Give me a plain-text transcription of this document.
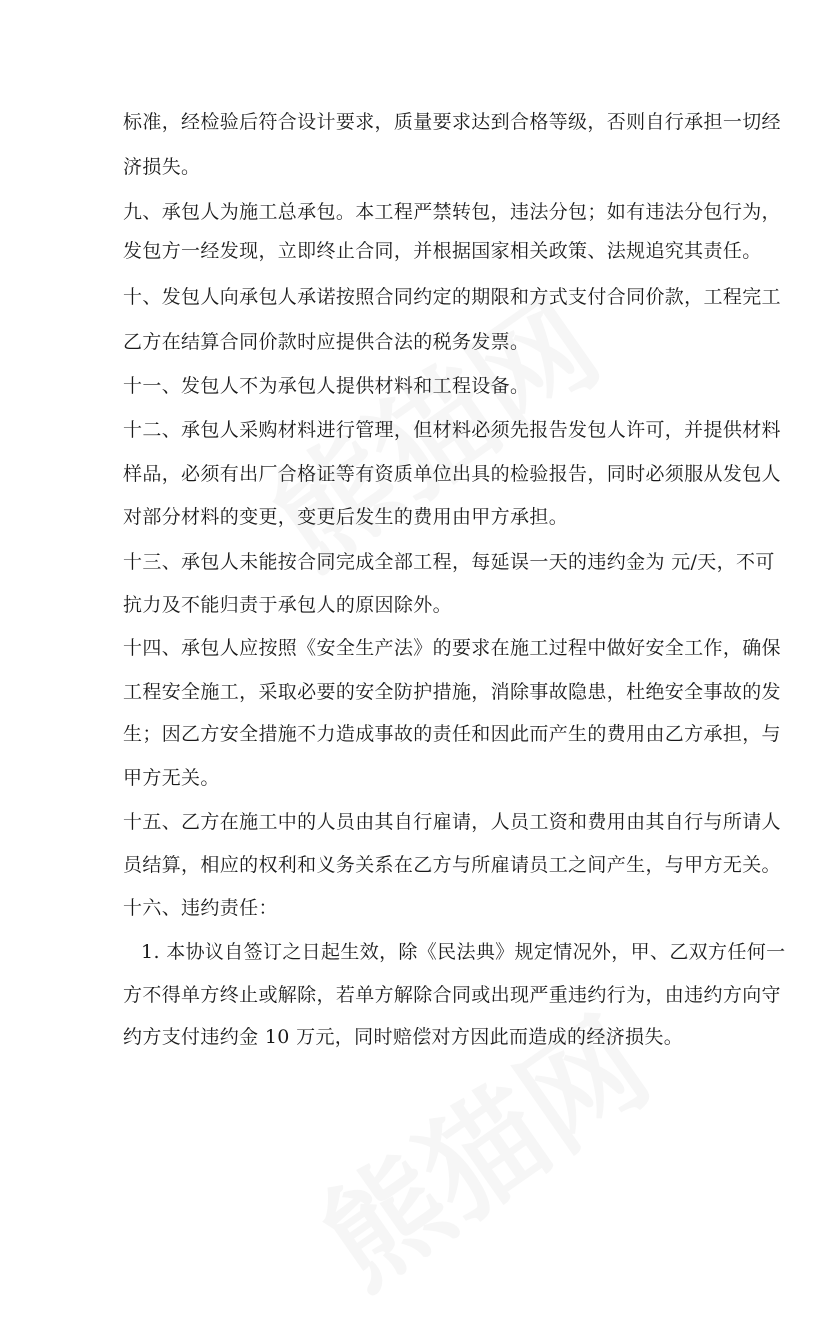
标准，经检验后符合设计要求，质量要求达到合格等级，否则自行承担一切经
济损失。
九、承包人为施工总承包。本工程严禁转包，违法分包；如有违法分包行为，
发包方一经发现，立即终止合同，并根据国家相关政策、法规追究其责任。
十、发包人向承包人承诺按照合同约定的期限和方式支付合同价款，工程完工
乙方在结算合同价款时应提供合法的税务发票。
十一、发包人不为承包人提供材料和工程设备。
十二、承包人采购材料进行管理，但材料必须先报告发包人许可，并提供材料
样品，必须有出厂合格证等有资质单位出具的检验报告，同时必须服从发包人
对部分材料的变更，变更后发生的费用由甲方承担。
十三、承包人未能按合同完成全部工程，每延误一天的违约金为 元/天，不可
抗力及不能归责于承包人的原因除外。
十四、承包人应按照《安全生产法》的要求在施工过程中做好安全工作，确保
工程安全施工，采取必要的安全防护措施，消除事故隐患，杜绝安全事故的发
生；因乙方安全措施不力造成事故的责任和因此而产生的费用由乙方承担，与
甲方无关。
十五、乙方在施工中的人员由其自行雇请，人员工资和费用由其自行与所请人
员结算，相应的权利和义务关系在乙方与所雇请员工之间产生，与甲方无关。
十六、违约责任：
1. 本协议自签订之日起生效，除《民法典》规定情况外，甲、乙双方任何一
方不得单方终止或解除，若单方解除合同或出现严重违约行为，由违约方向守
约方支付违约金 10 万元，同时赔偿对方因此而造成的经济损失。
